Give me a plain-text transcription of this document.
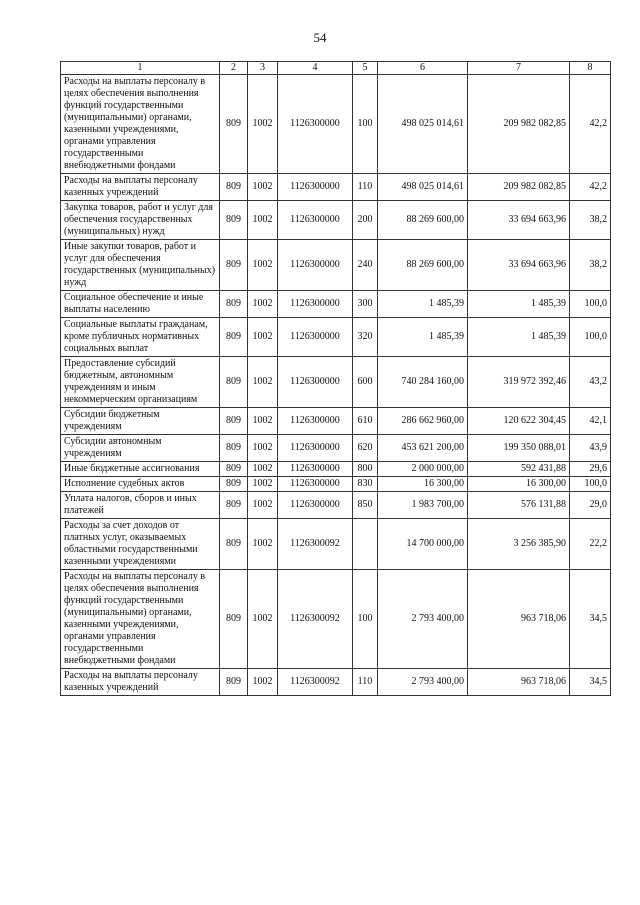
54
1	2	3	4	5	6	7	8
Расходы на выплаты персоналу в целях обеспечения выполнения функций государственными (муниципальными) органами, казенными учреждениями, органами управления государственными внебюджетными фондами	809	1002	1126300000	100	498 025 014,61	209 982 082,85	42,2
Расходы на выплаты персоналу казенных учреждений	809	1002	1126300000	110	498 025 014,61	209 982 082,85	42,2
Закупка товаров, работ и услуг для обеспечения государственных (муниципальных) нужд	809	1002	1126300000	200	88 269 600,00	33 694 663,96	38,2
Иные закупки товаров, работ и услуг для обеспечения государственных (муниципальных) нужд	809	1002	1126300000	240	88 269 600,00	33 694 663,96	38,2
Социальное обеспечение и иные выплаты населению	809	1002	1126300000	300	1 485,39	1 485,39	100,0
Социальные выплаты гражданам, кроме публичных нормативных социальных выплат	809	1002	1126300000	320	1 485,39	1 485,39	100,0
Предоставление субсидий бюджетным, автономным учреждениям и иным некоммерческим организациям	809	1002	1126300000	600	740 284 160,00	319 972 392,46	43,2
Субсидии бюджетным учреждениям	809	1002	1126300000	610	286 662 960,00	120 622 304,45	42,1
Субсидии автономным учреждениям	809	1002	1126300000	620	453 621 200,00	199 350 088,01	43,9
Иные бюджетные ассигнования	809	1002	1126300000	800	2 000 000,00	592 431,88	29,6
Исполнение судебных актов	809	1002	1126300000	830	16 300,00	16 300,00	100,0
Уплата налогов, сборов и иных платежей	809	1002	1126300000	850	1 983 700,00	576 131,88	29,0
Расходы за счет доходов от платных услуг, оказываемых областными государственными казенными учреждениями	809	1002	1126300092		14 700 000,00	3 256 385,90	22,2
Расходы на выплаты персоналу в целях обеспечения выполнения функций государственными (муниципальными) органами, казенными учреждениями, органами управления государственными внебюджетными фондами	809	1002	1126300092	100	2 793 400,00	963 718,06	34,5
Расходы на выплаты персоналу казенных учреждений	809	1002	1126300092	110	2 793 400,00	963 718,06	34,5
